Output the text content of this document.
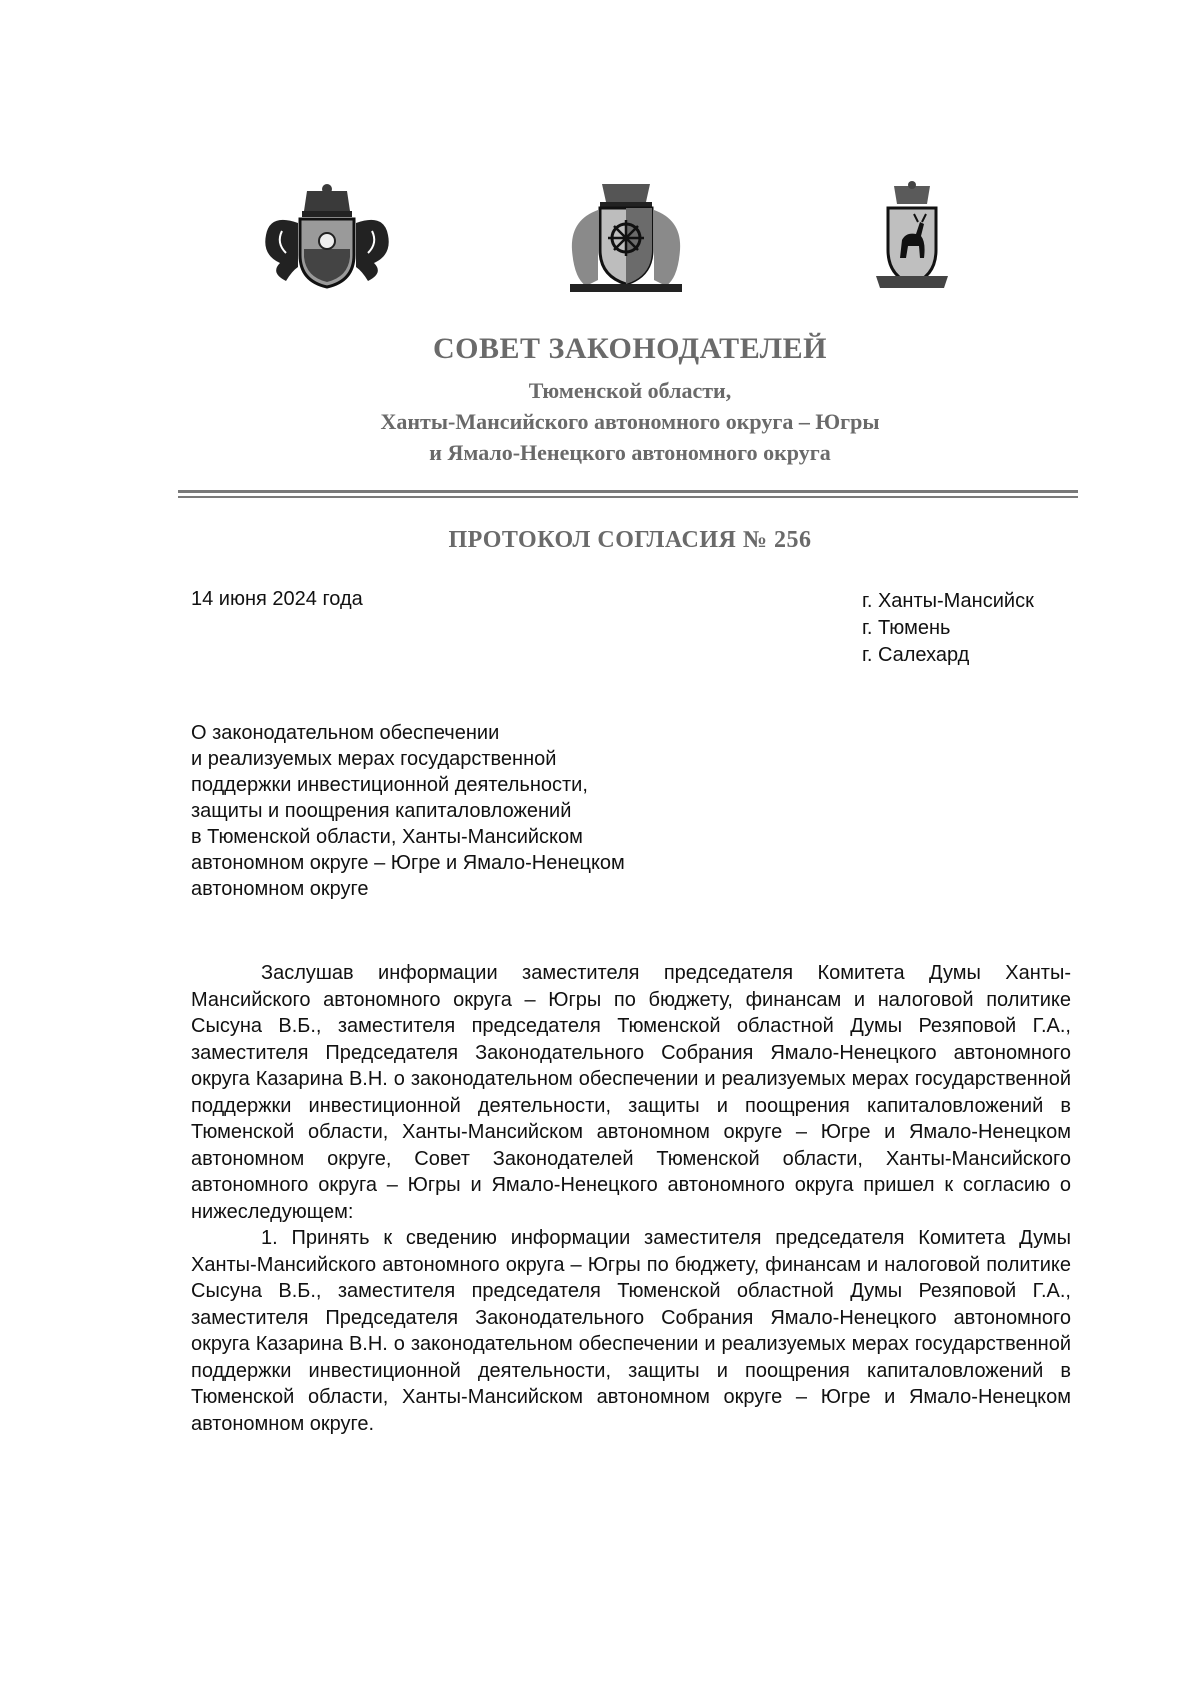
СОВЕТ ЗАКОНОДАТЕЛЕЙ
Тюменской области,
Ханты-Мансийского автономного округа – Югры
и Ямало-Ненецкого автономного округа
ПРОТОКОЛ СОГЛАСИЯ № 256
14 июня 2024 года	г. Ханты-Мансийск
г. Тюмень
г. Салехард
О законодательном обеспечении
и реализуемых мерах государственной
поддержки инвестиционной деятельности,
защиты и поощрения капиталовложений
в Тюменской области, Ханты-Мансийском
автономном округе – Югре и Ямало-Ненецком
автономном округе

Заслушав информации заместителя председателя Комитета Думы Ханты-Мансийского автономного округа – Югры по бюджету, финансам и налоговой политике Сысуна В.Б., заместителя председателя Тюменской областной Думы Резяповой Г.А., заместителя Председателя Законодательного Собрания Ямало-Ненецкого автономного округа Казарина В.Н. о законодательном обеспечении и реализуемых мерах государственной поддержки инвестиционной деятельности, защиты и поощрения капиталовложений в Тюменской области, Ханты-Мансийском автономном округе – Югре и Ямало-Ненецком автономном округе, Совет Законодателей Тюменской области, Ханты-Мансийского автономного округа – Югры и Ямало-Ненецкого автономного округа пришел к согласию о нижеследующем:

1. Принять к сведению информации заместителя председателя Комитета Думы Ханты-Мансийского автономного округа – Югры по бюджету, финансам и налоговой политике Сысуна В.Б., заместителя председателя Тюменской областной Думы Резяповой Г.А., заместителя Председателя Законодательного Собрания Ямало-Ненецкого автономного округа Казарина В.Н. о законодательном обеспечении и реализуемых мерах государственной поддержки инвестиционной деятельности, защиты и поощрения капиталовложений в Тюменской области, Ханты-Мансийском автономном округе – Югре и Ямало-Ненецком автономном округе.
